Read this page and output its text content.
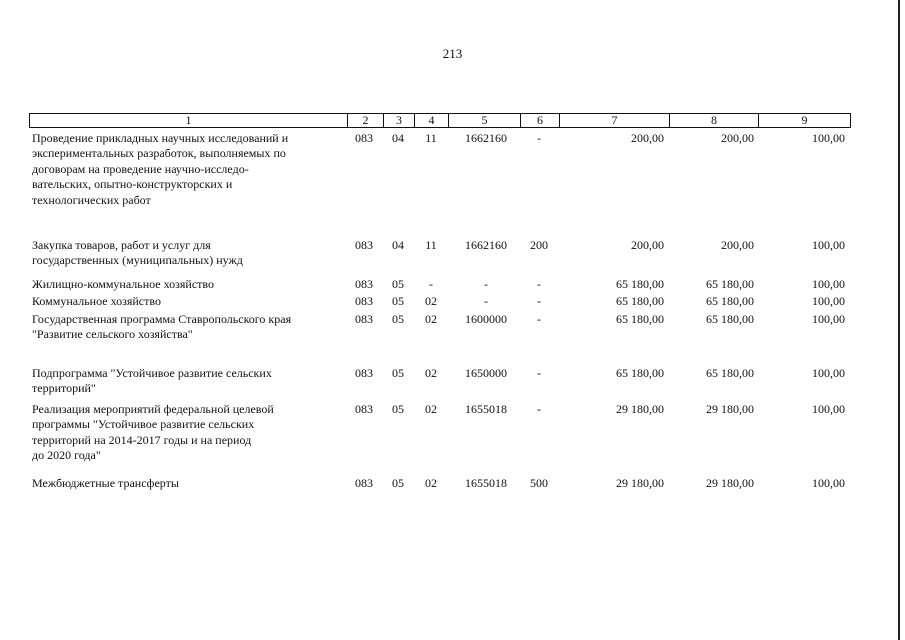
213
1	2	3	4	5	6	7	8	9
Проведение прикладных научных исследований и
экспериментальных разработок, выполняемых по
договорам на проведение научно-исследо-
вательских, опытно-конструкторских и
технологических работ
083	04	11	1662160	-	200,00	200,00	100,00
Закупка товаров, работ и услуг для
государственных (муниципальных) нужд
083	04	11	1662160	200	200,00	200,00	100,00
Жилищно-коммунальное хозяйство	083	05	-	-	-	65 180,00	65 180,00	100,00
Коммунальное хозяйство	083	05	02	-	-	65 180,00	65 180,00	100,00
Государственная программа Ставропольского края
"Развитие сельского хозяйства"
083	05	02	1600000	-	65 180,00	65 180,00	100,00
Подпрограмма "Устойчивое развитие сельских
территорий"
083	05	02	1650000	-	65 180,00	65 180,00	100,00
Реализация мероприятий федеральной целевой
программы "Устойчивое развитие сельских
территорий на 2014-2017 годы и на период
до 2020 года"
083	05	02	1655018	-	29 180,00	29 180,00	100,00
Межбюджетные трансферты	083	05	02	1655018	500	29 180,00	29 180,00	100,00
